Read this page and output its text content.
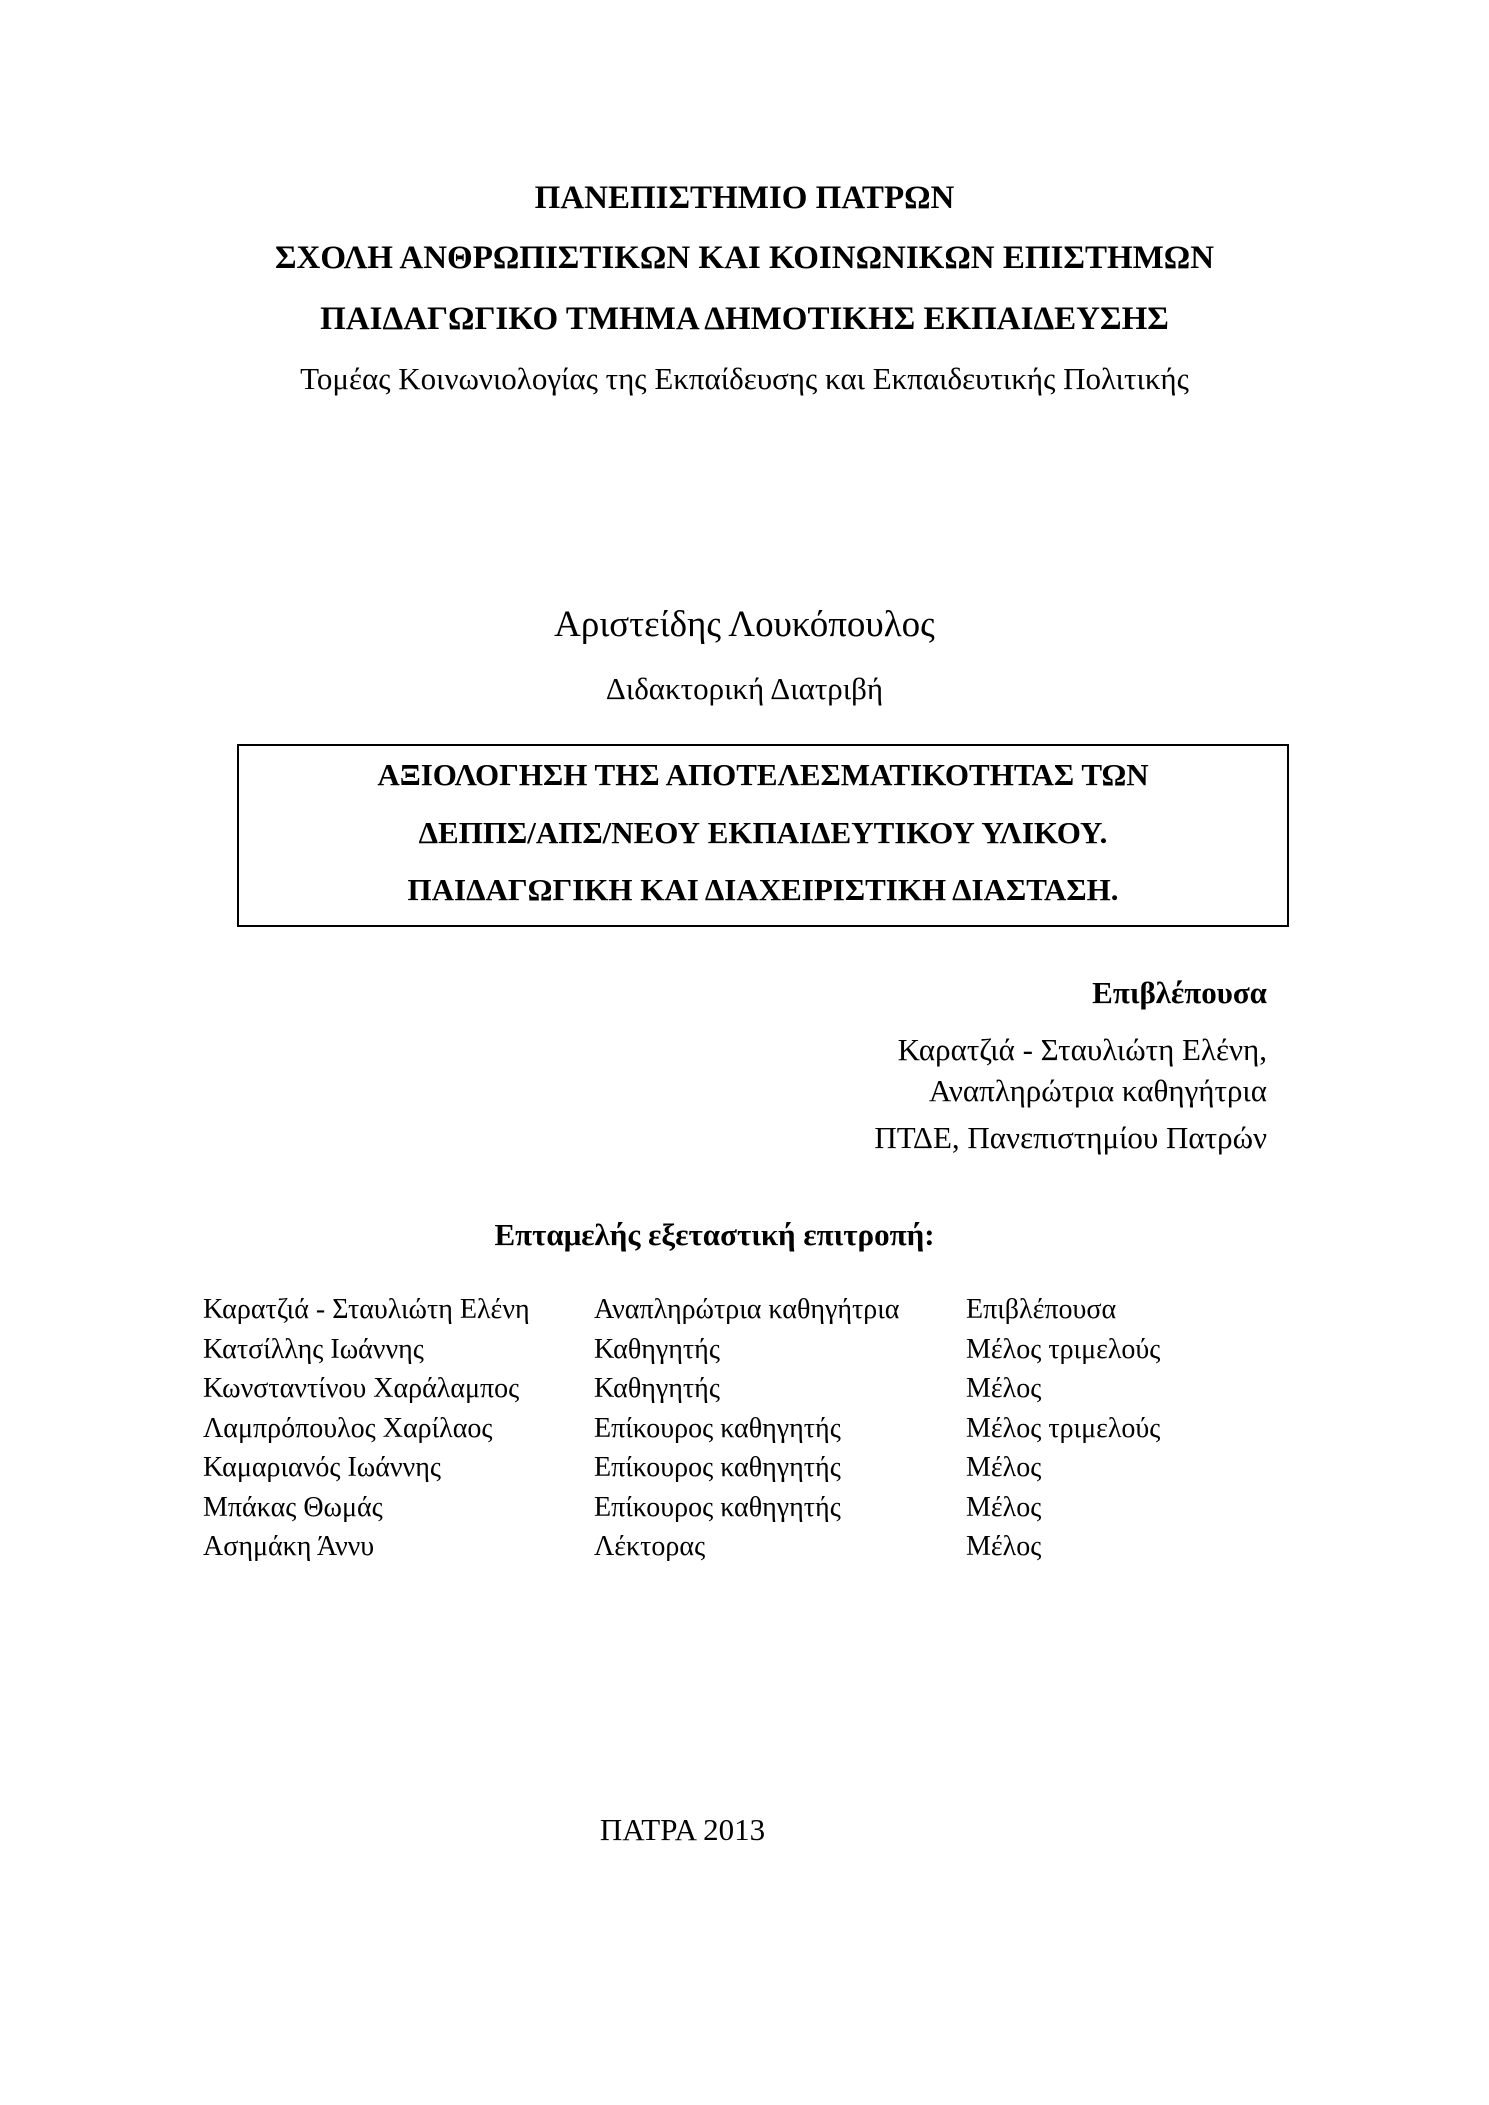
ΠΑΝΕΠΙΣΤΗΜΙΟ ΠΑΤΡΩΝ
ΣΧΟΛΗ ΑΝΘΡΩΠΙΣΤΙΚΩΝ ΚΑΙ ΚΟΙΝΩΝΙΚΩΝ ΕΠΙΣΤΗΜΩΝ
ΠΑΙΔΑΓΩΓΙΚΟ ΤΜΗΜΑ ΔΗΜΟΤΙΚΗΣ ΕΚΠΑΙΔΕΥΣΗΣ
Τομέας Κοινωνιολογίας της Εκπαίδευσης και Εκπαιδευτικής Πολιτικής
Αριστείδης Λουκόπουλος
Διδακτορική Διατριβή
ΑΞΙΟΛΟΓΗΣΗ ΤΗΣ ΑΠΟΤΕΛΕΣΜΑΤΙΚΟΤΗΤΑΣ ΤΩΝ
ΔΕΠΠΣ/ΑΠΣ/ΝΕΟΥ ΕΚΠΑΙΔΕΥΤΙΚΟΥ ΥΛΙΚΟΥ.
ΠΑΙΔΑΓΩΓΙΚΗ ΚΑΙ ΔΙΑΧΕΙΡΙΣΤΙΚΗ ΔΙΑΣΤΑΣΗ.
Επιβλέπουσα
Καρατζιά - Σταυλιώτη Ελένη,
Αναπληρώτρια καθηγήτρια
ΠΤΔΕ, Πανεπιστημίου Πατρών
Επταμελής εξεταστική επιτροπή:
Καρατζιά - Σταυλιώτη Ελένη	Αναπληρώτρια καθηγήτρια	Επιβλέπουσα
Κατσίλλης Ιωάννης	Καθηγητής	Μέλος τριμελούς
Κωνσταντίνου Χαράλαμπος	Καθηγητής	Μέλος
Λαμπρόπουλος Χαρίλαος	Επίκουρος καθηγητής	Μέλος τριμελούς
Καμαριανός Ιωάννης	Επίκουρος καθηγητής	Μέλος
Μπάκας Θωμάς	Επίκουρος καθηγητής	Μέλος
Ασημάκη Άννυ	Λέκτορας	Μέλος
ΠΑΤΡΑ 2013
